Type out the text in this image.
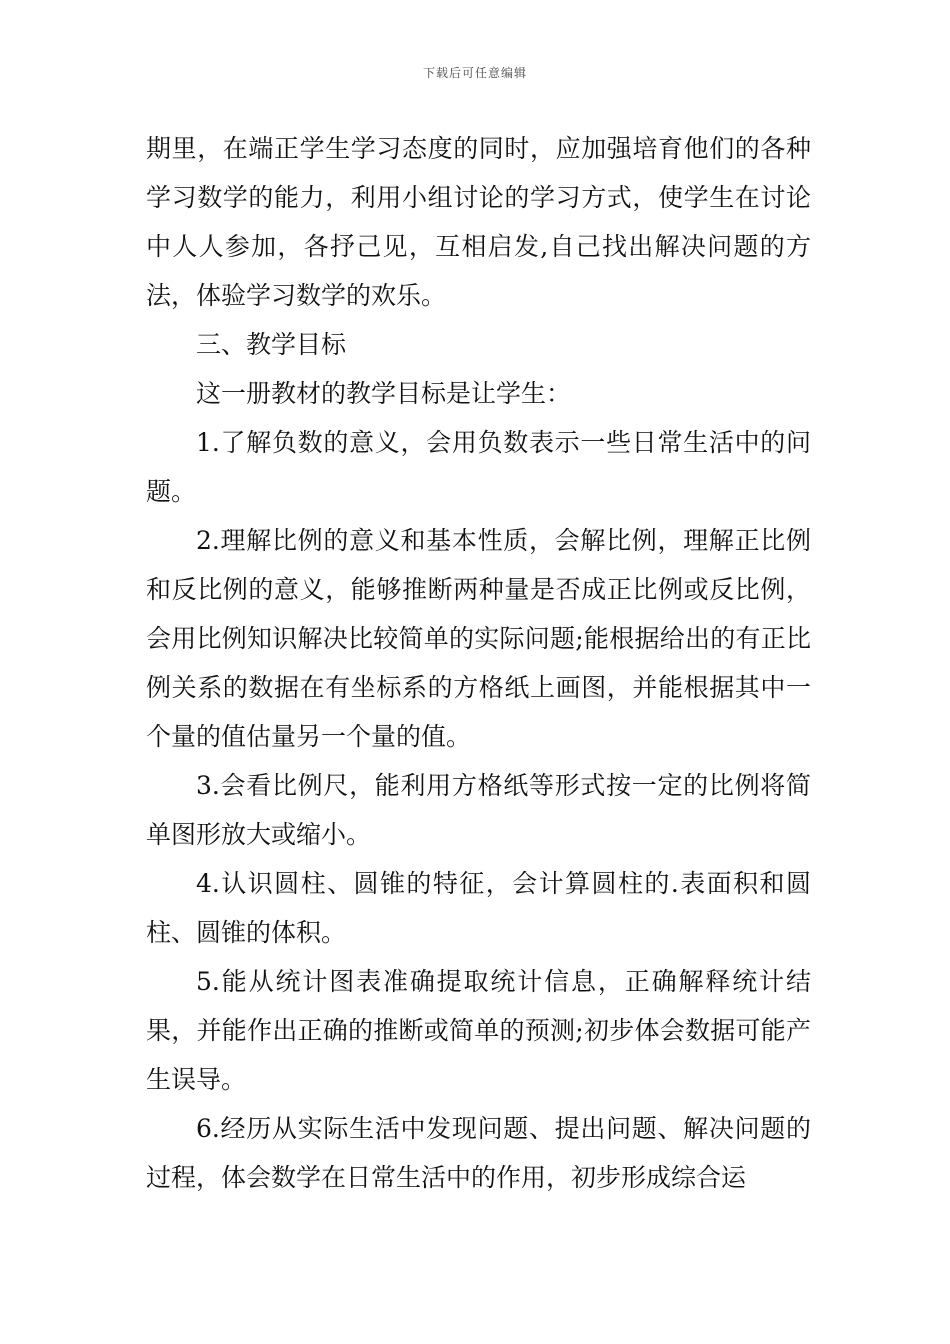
下载后可任意编辑

期里，在端正学生学习态度的同时，应加强培育他们的各种学习数学的能力，利用小组讨论的学习方式，使学生在讨论中人人参加，各抒己见，互相启发,自己找出解决问题的方法，体验学习数学的欢乐。

三、教学目标

这一册教材的教学目标是让学生：

1.了解负数的意义，会用负数表示一些日常生活中的问题。

2.理解比例的意义和基本性质，会解比例，理解正比例和反比例的意义，能够推断两种量是否成正比例或反比例，会用比例知识解决比较简单的实际问题;能根据给出的有正比例关系的数据在有坐标系的方格纸上画图，并能根据其中一个量的值估量另一个量的值。

3.会看比例尺，能利用方格纸等形式按一定的比例将简单图形放大或缩小。

4.认识圆柱、圆锥的特征，会计算圆柱的.表面积和圆柱、圆锥的体积。

5.能从统计图表准确提取统计信息，正确解释统计结果，并能作出正确的推断或简单的预测;初步体会数据可能产生误导。

6.经历从实际生活中发现问题、提出问题、解决问题的过程，体会数学在日常生活中的作用，初步形成综合运
